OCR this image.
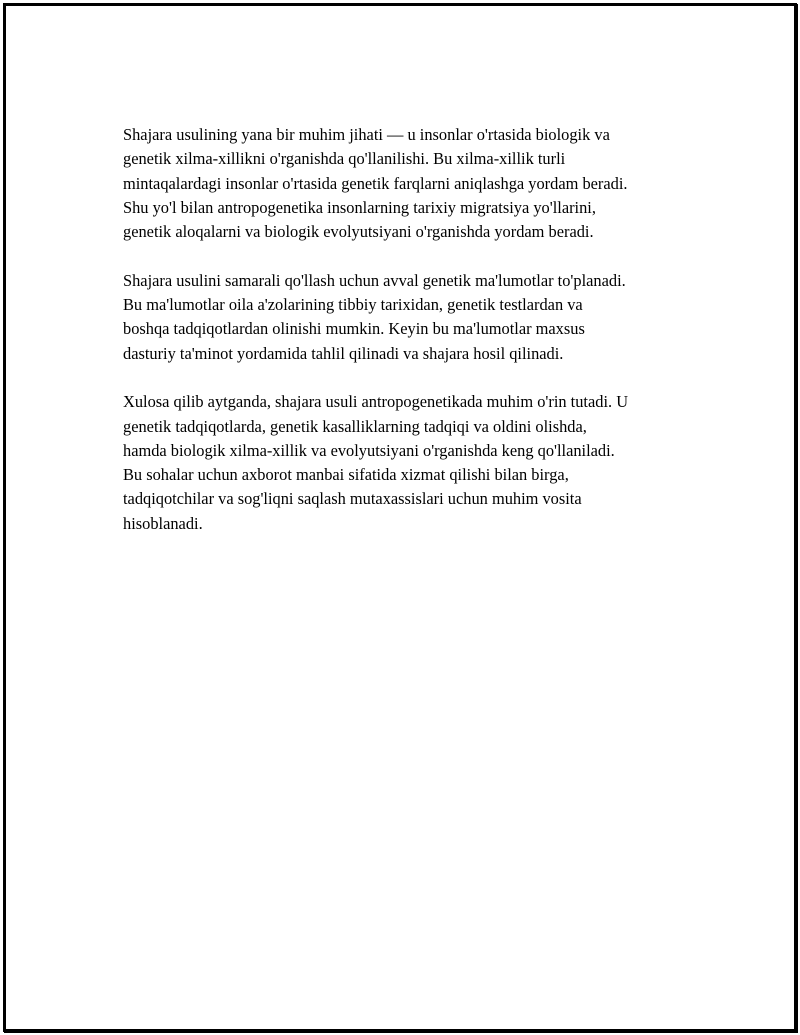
Shajara usulining yana bir muhim jihati — u insonlar o'rtasida biologik va
genetik xilma-xillikni o'rganishda qo'llanilishi. Bu xilma-xillik turli
mintaqalardagi insonlar o'rtasida genetik farqlarni aniqlashga yordam beradi.
Shu yo'l bilan antropogenetika insonlarning tarixiy migratsiya yo'llarini,
genetik aloqalarni va biologik evolyutsiyani o'rganishda yordam beradi.

Shajara usulini samarali qo'llash uchun avval genetik ma'lumotlar to'planadi.
Bu ma'lumotlar oila a'zolarining tibbiy tarixidan, genetik testlardan va
boshqa tadqiqotlardan olinishi mumkin. Keyin bu ma'lumotlar maxsus
dasturiy ta'minot yordamida tahlil qilinadi va shajara hosil qilinadi.

Xulosa qilib aytganda, shajara usuli antropogenetikada muhim o'rin tutadi. U
genetik tadqiqotlarda, genetik kasalliklarning tadqiqi va oldini olishda,
hamda biologik xilma-xillik va evolyutsiyani o'rganishda keng qo'llaniladi.
Bu sohalar uchun axborot manbai sifatida xizmat qilishi bilan birga,
tadqiqotchilar va sog'liqni saqlash mutaxassislari uchun muhim vosita
hisoblanadi.
